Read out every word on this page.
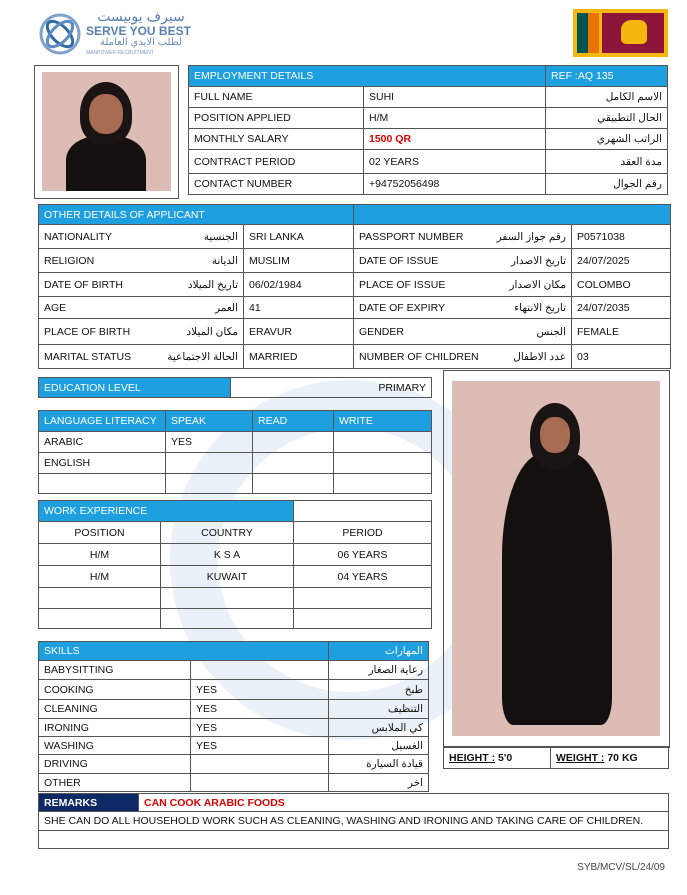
سيرف يوبيست
SERVE YOU BEST
لطلب الايدي العاملة
MANPOWER RECRUITMENT
EMPLOYMENT DETAILS		REF :AQ 135
FULL NAME	SUHI	الاسم الكامل
POSITION APPLIED	H/M	الحال التطبيقي
MONTHLY SALARY	1500 QR	الراتب الشهري
CONTRACT PERIOD	02 YEARS	مدة العقد
CONTACT NUMBER	+94752056498	رقم الجوال
OTHER DETAILS OF APPLICANT	
NATIONALITY الجنسية	SRI LANKA	PASSPORT NUMBER رقم جواز السفر	P0571038
RELIGION الديانة	MUSLIM	DATE OF ISSUE تاريخ الاصدار	24/07/2025
DATE OF BIRTH تاريخ الميلاد	06/02/1984	PLACE OF ISSUE مكان الاصدار	COLOMBO
AGE العمر	41	DATE OF EXPIRY تاريخ الانتهاء	24/07/2035
PLACE OF BIRTH مكان الميلاد	ERAVUR	GENDER الجنس	FEMALE
MARITAL STATUS الحالة الاجتماعية	MARRIED	NUMBER OF CHILDREN عدد الاطفال	03
EDUCATION LEVEL	PRIMARY
LANGUAGE LITERACY	SPEAK	READ	WRITE
ARABIC	YES		
ENGLISH			

WORK EXPERIENCE		
POSITION	COUNTRY	PERIOD
H/M	K S A	06 YEARS
H/M	KUWAIT	04 YEARS

SKILLS		المهارات
BABYSITTING		رعاية الصغار
COOKING	YES	طبخ
CLEANING	YES	التنظيف
IRONING	YES	كي الملابس
WASHING	YES	الغسيل
DRIVING		قيادة السيارة
OTHER		اخر
HEIGHT : 5'0	WEIGHT : 70 KG
REMARKS	CAN COOK ARABIC FOODS
SHE CAN DO ALL HOUSEHOLD WORK SUCH AS CLEANING, WASHING AND IRONING AND TAKING CARE OF CHILDREN.

SYB/MCV/SL/24/09
